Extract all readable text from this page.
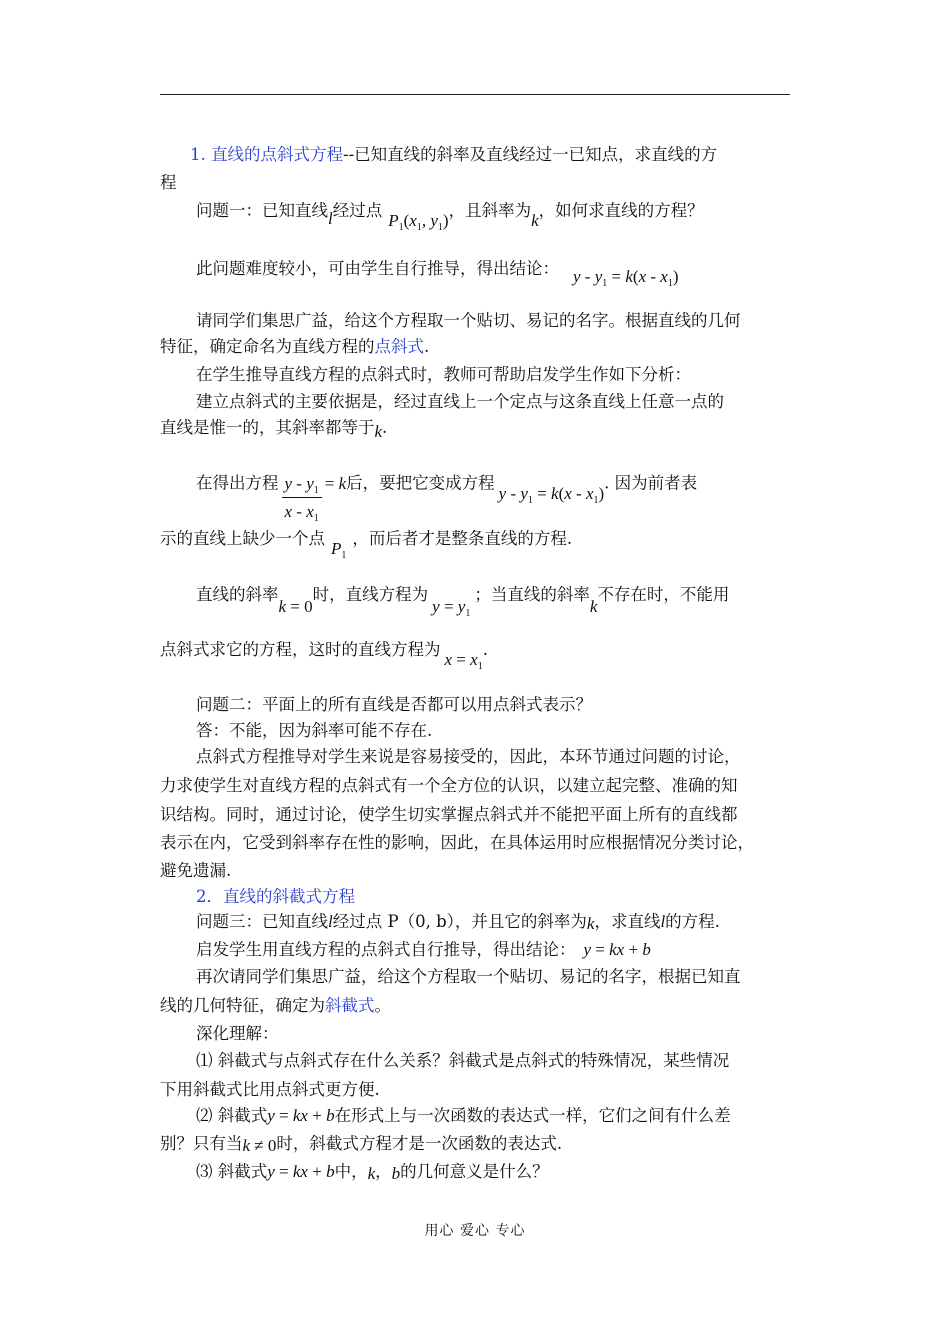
1. 直线的点斜式方程--已知直线的斜率及直线经过一已知点，求直线的方
程
问题一：已知直线l经过点$P_1(x_1$, $y_1$)，且斜率为k，如何求直线的方程？
此问题难度较小，可由学生自行推导，得出结论： $y - y_1 = k(x - x_1)$
请同学们集思广益，给这个方程取一个贴切、易记的名字。根据直线的几何
特征，确定命名为直线方程的点斜式.
在学生推导直线方程的点斜式时，教师可帮助启发学生作如下分析：
建立点斜式的主要依据是，经过直线上一个定点与这条直线上任意一点的
直线是惟一的，其斜率都等于k.
在得出方程 $\frac{y - y_1}{x - x_1} = k$后，要把它变成方程$y - y_1 = k(x - x_1)$. 因为前者表
示的直线上缺少一个点$P_1$，而后者才是整条直线的方程.
直线的斜率k = 0时，直线方程为$y = y_1$；当直线的斜率k不存在时，不能用
点斜式求它的方程，这时的直线方程为$x = x_1$.
问题二：平面上的所有直线是否都可以用点斜式表示？
答：不能，因为斜率可能不存在.
点斜式方程推导对学生来说是容易接受的，因此，本环节通过问题的讨论，
力求使学生对直线方程的点斜式有一个全方位的认识，以建立起完整、准确的知
识结构。同时，通过讨论，使学生切实掌握点斜式并不能把平面上所有的直线都
表示在内，它受到斜率存在性的影响，因此，在具体运用时应根据情况分类讨论，
避免遗漏.
2．直线的斜截式方程
问题三：已知直线l经过点 P（0, b），并且它的斜率为k，求直线l的方程.
启发学生用直线方程的点斜式自行推导，得出结论： y = kx + b
再次请同学们集思广益，给这个方程取一个贴切、易记的名字，根据已知直
线的几何特征，确定为斜截式。
深化理解：
⑴ 斜截式与点斜式存在什么关系？斜截式是点斜式的特殊情况，某些情况
下用斜截式比用点斜式更方便.
⑵ 斜截式y = kx + b在形式上与一次函数的表达式一样，它们之间有什么差
别？只有当k ≠ 0时，斜截式方程才是一次函数的表达式.
⑶ 斜截式y = kx + b中，k，b的几何意义是什么？
用心 爱心 专心
